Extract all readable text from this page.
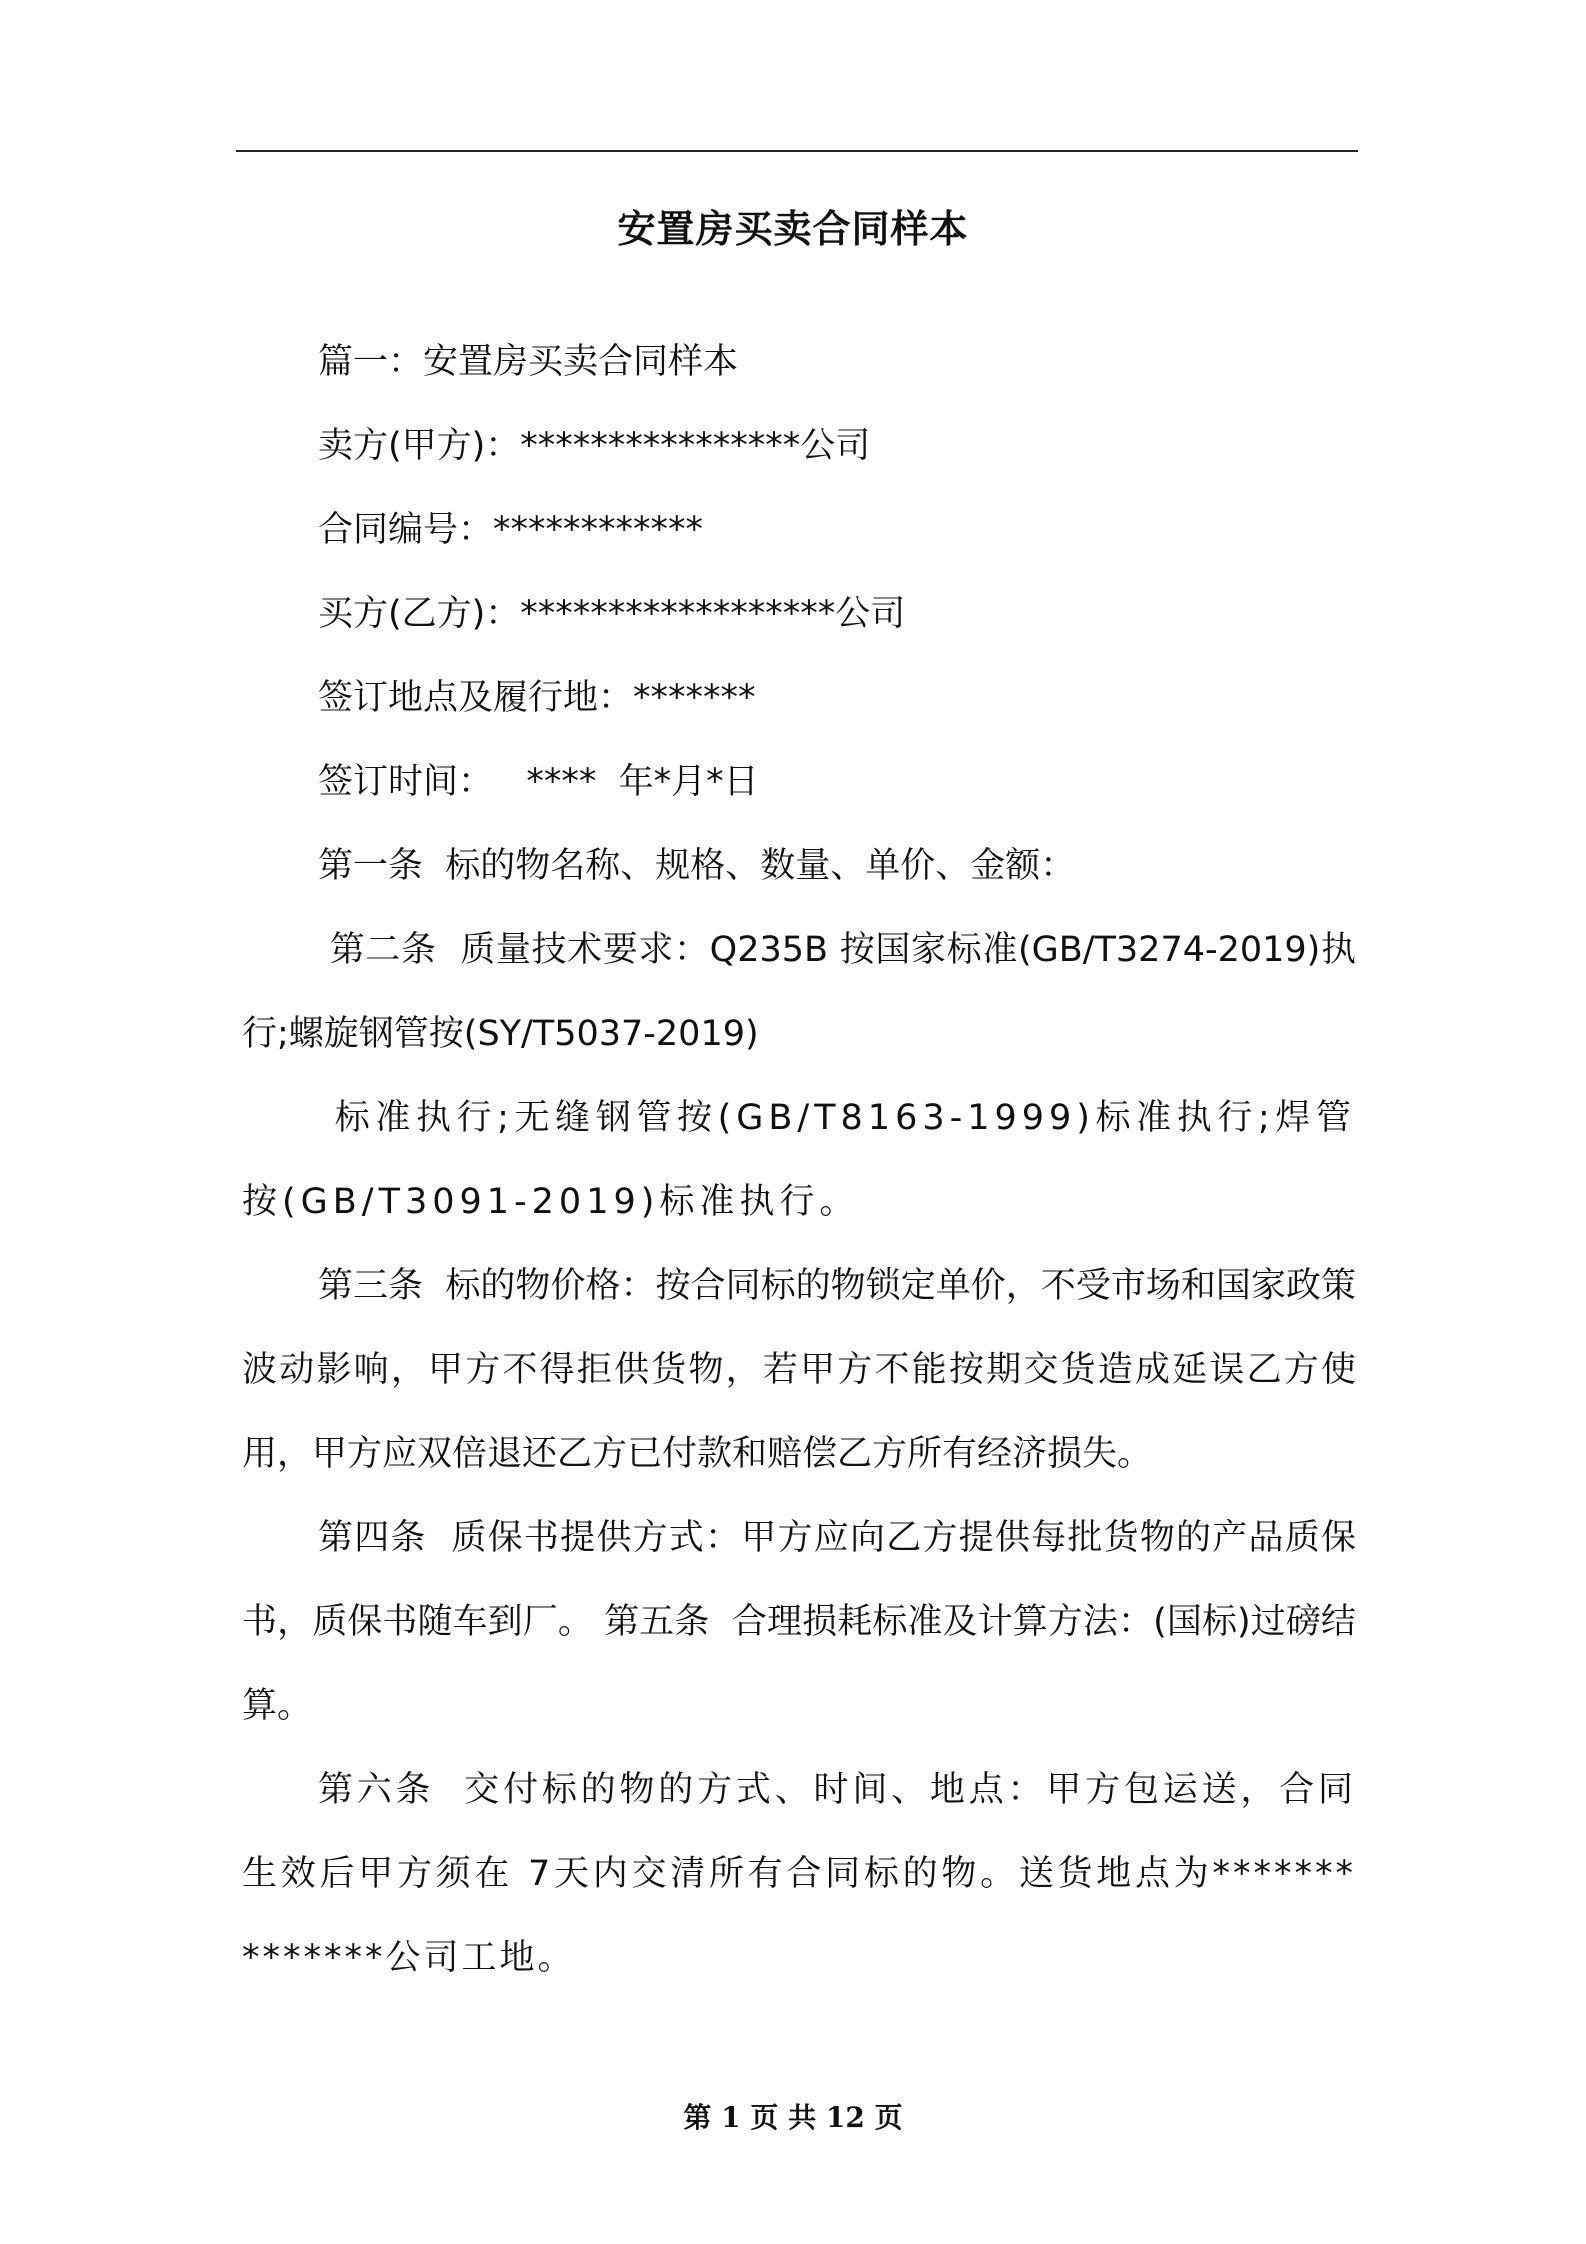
安置房买卖合同样本

篇一：安置房买卖合同样本

卖方(甲方)：****************公司

合同编号：************

买方(乙方)：******************公司

签订地点及履行地：*******

签订时间：   ****  年*月*日

第一条  标的物名称、规格、数量、单价、金额：

第二条  质量技术要求：Q235B 按国家标准(GB/T3274-2019)执行;螺旋钢管按(SY/T5037-2019)

标准执行;无缝钢管按(GB/T8163-1999)标准执行;焊管按(GB/T3091-2019)标准执行。

第三条  标的物价格：按合同标的物锁定单价，不受市场和国家政策波动影响，甲方不得拒供货物，若甲方不能按期交货造成延误乙方使用，甲方应双倍退还乙方已付款和赔偿乙方所有经济损失。

第四条  质保书提供方式：甲方应向乙方提供每批货物的产品质保书，质保书随车到厂。 第五条  合理损耗标准及计算方法：(国标)过磅结算。

第六条  交付标的物的方式、时间、地点：甲方包运送，合同生效后甲方须在 7天内交清所有合同标的物。送货地点为**************公司工地。

第 1 页 共 12 页
